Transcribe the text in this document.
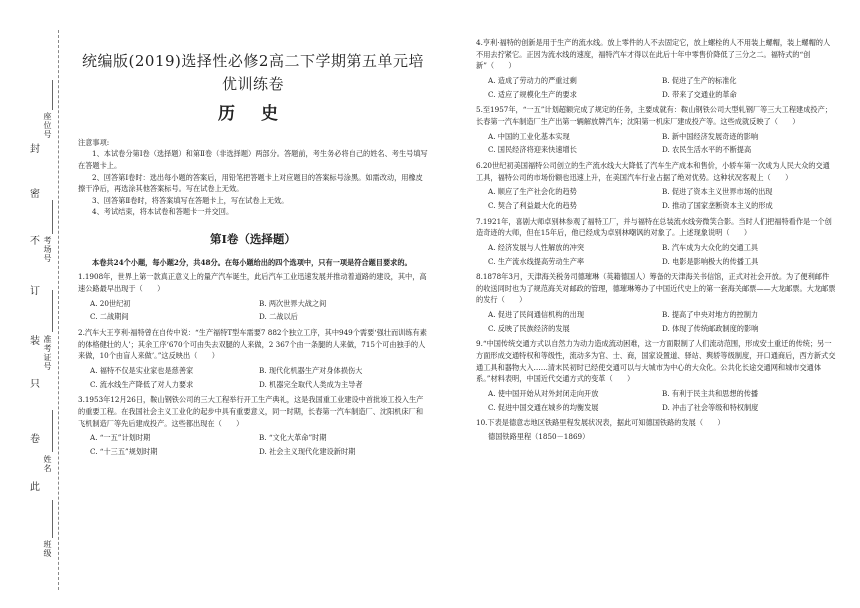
封
密
不
订
装
只
卷
此
座位号
考场号
准考证号
姓名
班级
统编版(2019)选择性必修2高二下学期第五单元培优训练卷
历 史

注意事项:

1、本试卷分第Ⅰ卷（选择题）和第Ⅱ卷（非选择题）两部分。答题前，考生务必将自己的姓名、考生号填写在答题卡上。

2、回答第Ⅰ卷时：选出每小题的答案后，用铅笔把答题卡上对应题目的答案标号涂黑。如需改动，用橡皮擦干净后，再选涂其他答案标号。写在试卷上无效。

3、回答第Ⅱ卷时，将答案填写在答题卡上，写在试卷上无效。

4、考试结束，将本试卷和答题卡一并交回。

第Ⅰ卷（选择题）

本卷共24个小题，每小题2分，共48分。在每小题给出的四个选项中，只有一项是符合题目要求的。

1.1908年，世界上第一款真正意义上的量产汽车诞生，此后汽车工业迅速发展并推动着道路的建设，其中，高速公路最早出现于（　　）
A. 20世纪初	B. 两次世界大战之间
C. 二战期间	D. 二战以后
2.汽车大王亨利·福特曾在自传中说：“生产福特T型车需要7 882个独立工序，其中949个需要‘强壮而训练有素的体格健壮的人’；其余工序‘670个可由失去双腿的人来做，2 367个由一条腿的人来做，715个可由独手的人来做，10个由盲人来做’。”这反映出（　　）
A. 福特不仅是实业家也是慈善家	B. 现代化机器生产对身体损伤大
C. 流水线生产降低了对人力要求	D. 机器完全取代人类成为主导者
3.1953年12月26日，鞍山钢铁公司的三大工程举行开工生产典礼，这是我国重工业建设中首批竣工投入生产的重要工程。在我国社会主义工业化的起步中具有重要意义，同一时期，长春第一汽车制造厂、沈阳机床厂和飞机制造厂等先后建成投产。这些都出现在（　　）
A. “一五”计划时期	B. “文化大革命”时期
C. “十三五”规划时期	D. 社会主义现代化建设新时期
4.亨利·福特的创新是用于生产的流水线。放上零件的人不去固定它，放上螺栓的人不用装上螺帽，装上螺帽的人不用去拧紧它。正因为流水线的速度，福特汽车才得以在此后十年中零售价降低了三分之二。福特式的“创新”（　　）
A. 造成了劳动力的严重过剩	B. 促进了生产的标准化
C. 适应了规模化生产的要求	D. 带来了交通业的革命
5.至1957年，“一五”计划超额完成了规定的任务，主要成就有：鞍山钢铁公司大型轧钢厂等三大工程建成投产；长春第一汽车制造厂生产出第一辆解放牌汽车；沈阳第一机床厂建成投产等。这些成就反映了（　　）
A. 中国的工业化基本实现	B. 新中国经济发展奇迹的影响
C. 国民经济将迎来快速增长	D. 农民生活水平的不断提高
6.20世纪初美国福特公司创立的生产流水线大大降低了汽车生产成本和售价，小轿车第一次成为人民大众的交通工具，福特公司的市场份额也迅速上升，在美国汽车行业占据了绝对优势。这种状况客观上（　　）
A. 顺应了生产社会化的趋势	B. 促进了资本主义世界市场的出现
C. 契合了利益最大化的趋势	D. 推动了国家垄断资本主义的形成
7.1921年，喜剧大师卓别林参观了福特工厂，并与福特在总装流水线旁微笑合影。当时人们把福特看作是一个创造奇迹的大师，但在15年后，他已经成为卓别林嘲讽的对象了。上述现象说明（　　）
A. 经济发展与人性解放的冲突	B. 汽车成为大众化的交通工具
C. 生产流水线提高劳动生产率	D. 电影是影响极大的传播工具
8.1878年3月，天津海关税务司德璀琳（英籍德国人）筹备的天津海关书信馆，正式对社会开放。为了便利邮件的收送同时也为了规范海关对邮政的管理，德璀琳筹办了中国近代史上的第一套海关邮票——大龙邮票。大龙邮票的发行（　　）
A. 促进了民间通信机构的出现	B. 提高了中央对地方的控制力
C. 反映了民族经济的发展	D. 体现了传统邮政制度的影响
9.“中国传统交通方式以自然力为动力造成流动困难，这一方面限制了人们流动范围，形成安土重迁的传统；另一方面形成交通特权和等级性，流动多为官、士、商，国家设置道、驿站、舆轿等级制度，开口通商后，西方新式交通工具和器物大入……清末民初时已经使交通可以与大城市为中心的大众化。公共化长途交通网和城市交通体系。”材料表明，中国近代交通方式的变革（　　）
A. 使中国开始从对外封闭走向开放	B. 有利于民主共和思想的传播
C. 促进中国交通在城乡的均衡发展	D. 冲击了社会等级和特权制度
10.下表是德意志地区铁路里程发展状况表，据此可知德国铁路的发展（　　）
德国铁路里程（1850－1869）
